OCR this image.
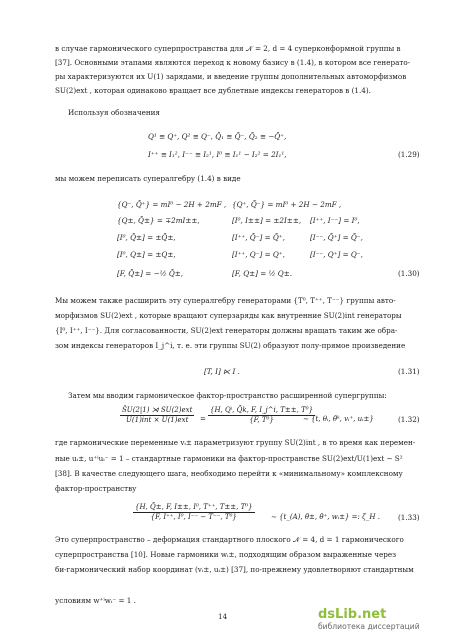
в случае гармонического суперпространства для 𝒩 = 2, d = 4 суперконформной группы в
[37]. Основными этапами являются переход к новому базису в (1.4), в котором все генерато-
ры характеризуются их U(1) зарядами, и введение группы дополнительных автоморфизмов
SU(2)ext , которая одинаково вращает все дублетные индексы генераторов в (1.4).
Используя обозначения
Q¹ ≡ Q⁺, Q² ≡ Q⁻, Q̄₁ ≡ Q̄⁻, Q̄₂ ≡ −Q̄⁺,
I⁺⁺ ≡ I₁², I⁻⁻ ≡ I₂¹, I⁰ ≡ I₁¹ − I₂² = 2I₁¹,	(1.29)
мы можем переписать супералгебру (1.4) в виде
{Q⁻, Q̄⁺} = mI⁰ − 2H + 2mF , {Q⁺, Q̄⁻} = mI⁰ + 2H − 2mF ,
{Q±, Q̄±} = ∓2mI±±,	[I⁰, I±±] = ±2I±±, [I⁺⁺, I⁻⁻] = I⁰,
[I⁰, Q̄±] = ±Q̄±,	[I⁺⁺, Q̄⁻] = Q̄⁺,	[I⁻⁻, Q̄⁺] = Q̄⁻,
[I⁰, Q±] = ±Q±,	[I⁺⁺, Q⁻] = Q⁺,	[I⁻⁻, Q⁺] = Q⁻,
[F, Q̄±] = −½ Q̄±,	[F, Q±] = ½ Q±.	(1.30)
Мы можем также расширить эту супералгебру генераторами {T⁰, T⁺⁺, T⁻⁻} группы авто-
морфизмов SU(2)ext , которые вращают суперзаряды как внутренние SU(2)int генераторы
{I⁰, I⁺⁺, I⁻⁻}. Для согласованности, SU(2)ext генераторы должны вращать таким же обра-
зом индексы генераторов I_j^i, т. е. эти группы SU(2) образуют полу-прямое произведение
[T, I] ⋉ I .	(1.31)
Затем мы вводим гармоническое фактор-пространство расширенной супергруппы:
ŜU(2|1) ⋊ SU(2)ext
U(1)int × U(1)ext	= $\frac{\text{\{H, Qⁱ, Q̄k, F, I\_j\textasciicircum{}i, T±±, T⁰\}}}{\text{\{F, T⁰\}}}$
∼ {t, θᵢ, θ̄ᵏ, vᵢ⁺, uᵢ±}	(1.32)
где гармонические переменные vᵢ± параметризуют группу SU(2)int , в то время как перемен-
ные uᵢ±, u⁺ⁱuᵢ⁻ = 1 – стандартные гармоники на фактор-пространстве SU(2)ext/U(1)ext ∼ S²
[38]. В качестве следующего шага, необходимо перейти к «минимальному» комплексному
фактор-пространству
$\frac{\text{\{H, Q̄±, F, I±±, I⁰, T⁺⁺, T±±, T⁰\}}}{\text{\{F, I⁺⁺, I⁰, I⁻⁻ − T⁻⁻, T⁰\}}}$ ∼ {t_(A), θ̄±, θ̄⁺, wᵢ±} =: ζ_H .	(1.33)
Это суперпространство – деформация стандартного плоского 𝒩 = 4, d = 1 гармонического
суперпространства [10]. Новые гармоники wᵢ±, подходящим образом выраженные через
би-гармонический набор координат (vᵢ±, uᵢ±) [37], по-прежнему удовлетворяют стандартным
14	dsLib.net
библиотека диссертаций
условиям w⁺ⁱwᵢ⁻ = 1 .
